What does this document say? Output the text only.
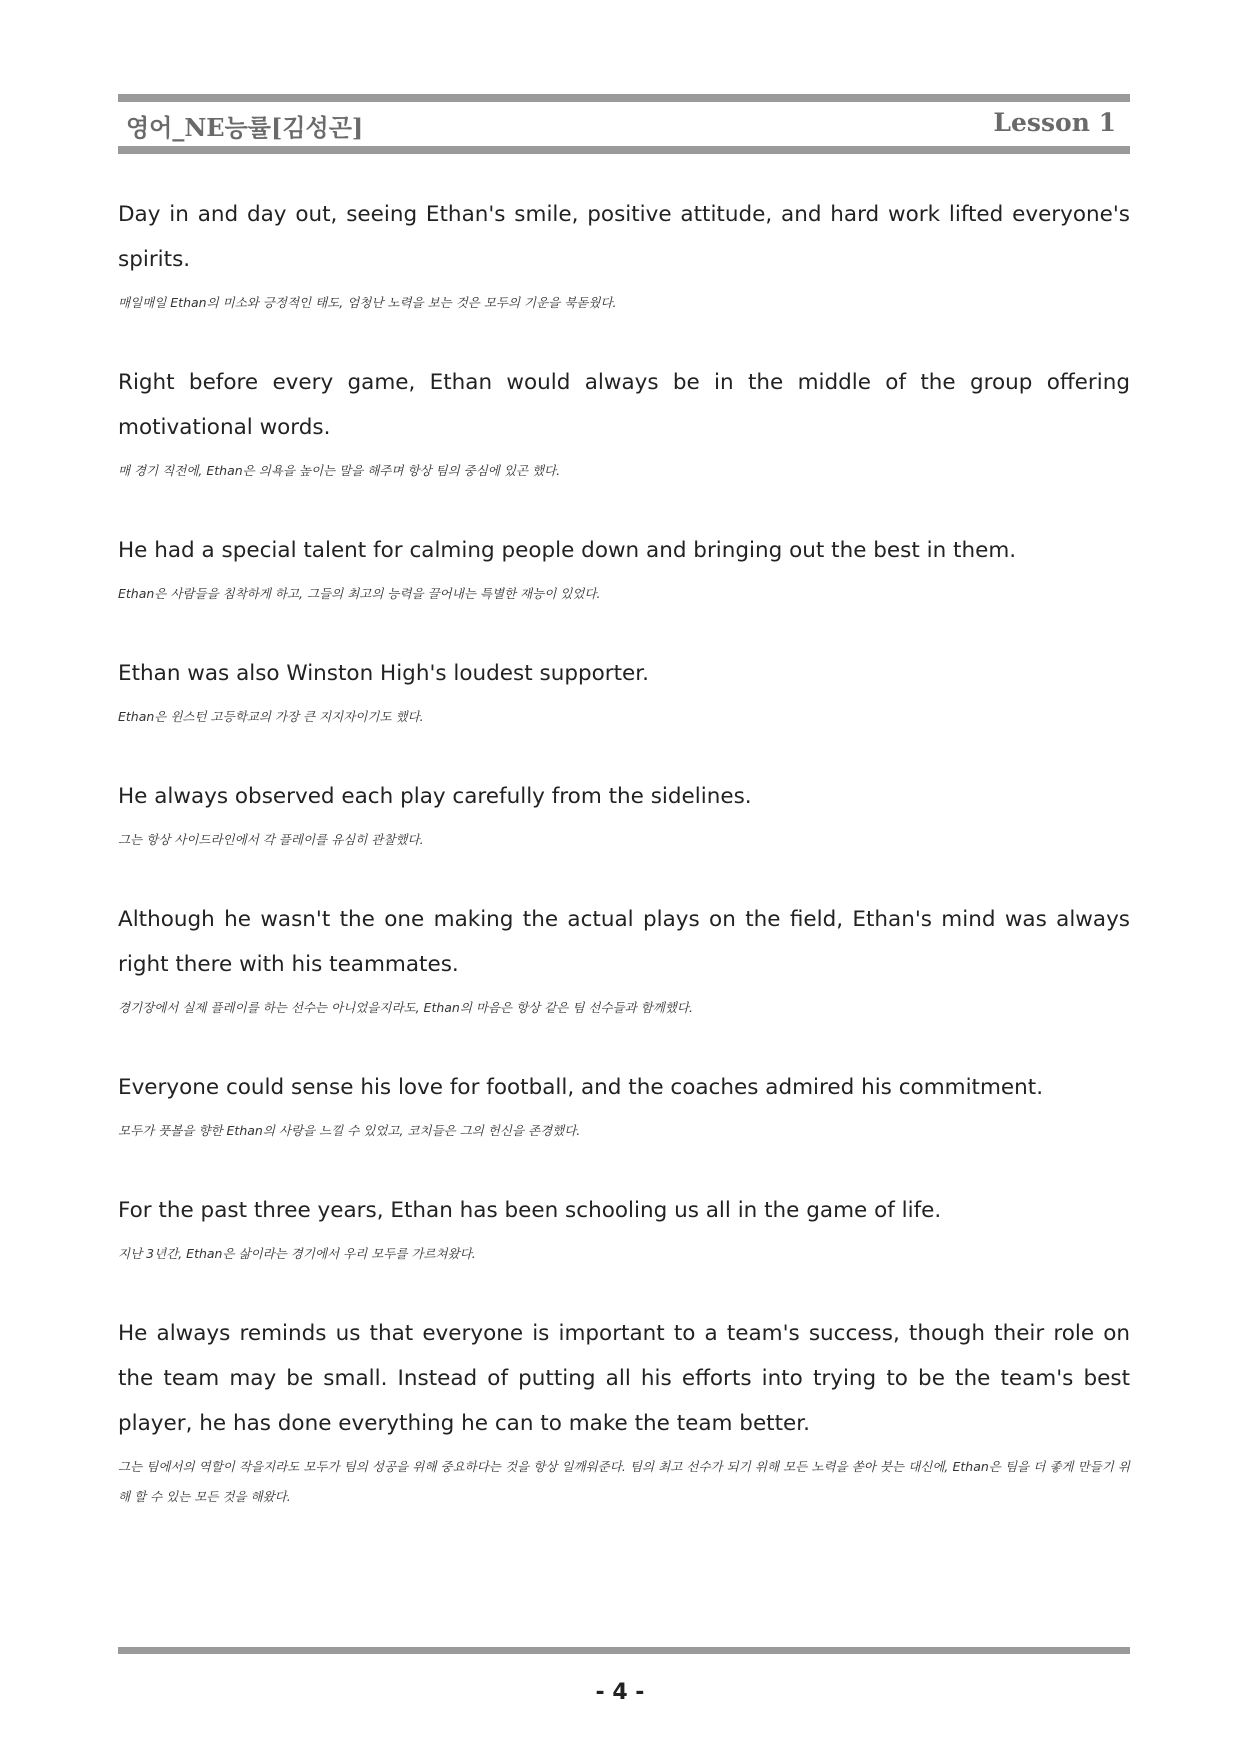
영어_NE능률[김성곤]	Lesson 1

Day in and day out, seeing Ethan's smile, positive attitude, and hard work lifted everyone's spirits.

매일매일 Ethan의 미소와 긍정적인 태도, 엄청난 노력을 보는 것은 모두의 기운을 북돋웠다.

Right before every game, Ethan would always be in the middle of the group offering motivational words.

매 경기 직전에, Ethan은 의욕을 높이는 말을 해주며 항상 팀의 중심에 있곤 했다.

He had a special talent for calming people down and bringing out the best in them.

Ethan은 사람들을 침착하게 하고, 그들의 최고의 능력을 끌어내는 특별한 재능이 있었다.

Ethan was also Winston High's loudest supporter.

Ethan은 윈스턴 고등학교의 가장 큰 지지자이기도 했다.

He always observed each play carefully from the sidelines.

그는 항상 사이드라인에서 각 플레이를 유심히 관찰했다.

Although he wasn't the one making the actual plays on the field, Ethan's mind was always right there with his teammates.

경기장에서 실제 플레이를 하는 선수는 아니었을지라도, Ethan의 마음은 항상 같은 팀 선수들과 함께했다.

Everyone could sense his love for football, and the coaches admired his commitment.

모두가 풋볼을 향한 Ethan의 사랑을 느낄 수 있었고, 코치들은 그의 헌신을 존경했다.

For the past three years, Ethan has been schooling us all in the game of life.

지난 3년간, Ethan은 삶이라는 경기에서 우리 모두를 가르쳐왔다.

He always reminds us that everyone is important to a team's success, though their role on the team may be small. Instead of putting all his efforts into trying to be the team's best player, he has done everything he can to make the team better.

그는 팀에서의 역할이 작을지라도 모두가 팀의 성공을 위해 중요하다는 것을 항상 일깨워준다. 팀의 최고 선수가 되기 위해 모든 노력을 쏟아 붓는 대신에, Ethan은 팀을 더 좋게 만들기 위해 할 수 있는 모든 것을 해왔다.

- 4 -
